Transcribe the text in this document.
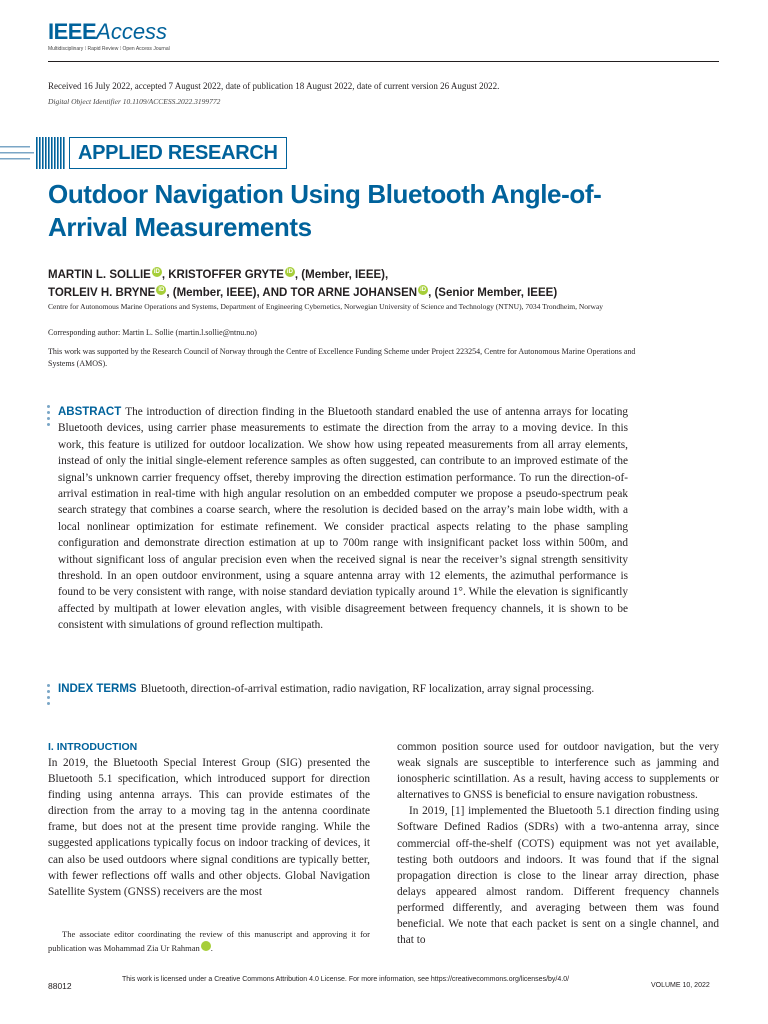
IEEEAccess
Multidisciplinary ⁞ Rapid Review ⁞ Open Access Journal
Received 16 July 2022, accepted 7 August 2022, date of publication 18 August 2022, date of current version 26 August 2022.
Digital Object Identifier 10.1109/ACCESS.2022.3199772
APPLIED RESEARCH
Outdoor Navigation Using Bluetooth Angle-of-Arrival Measurements
MARTIN L. SOLLIE iD , KRISTOFFER GRYTE iD , (Member, IEEE),
TORLEIV H. BRYNE iD , (Member, IEEE), AND TOR ARNE JOHANSEN iD , (Senior Member, IEEE)
Centre for Autonomous Marine Operations and Systems, Department of Engineering Cybernetics, Norwegian University of Science and Technology (NTNU), 7034 Trondheim, Norway
Corresponding author: Martin L. Sollie (martin.l.sollie@ntnu.no)
This work was supported by the Research Council of Norway through the Centre of Excellence Funding Scheme under Project 223254, Centre for Autonomous Marine Operations and Systems (AMOS).
ABSTRACT The introduction of direction finding in the Bluetooth standard enabled the use of antenna arrays for locating Bluetooth devices, using carrier phase measurements to estimate the direction from the array to a moving device. In this work, this feature is utilized for outdoor localization. We show how using repeated measurements from all array elements, instead of only the initial single-element reference samples as often suggested, can contribute to an improved estimate of the signal’s unknown carrier frequency offset, thereby improving the direction estimation performance. To run the direction-of-arrival estimation in real-time with high angular resolution on an embedded computer we propose a pseudo-spectrum peak search strategy that combines a coarse search, where the resolution is decided based on the array’s main lobe width, with a local nonlinear optimization for estimate refinement. We consider practical aspects relating to the phase sampling configuration and demonstrate direction estimation at up to 700m range with insignificant packet loss within 500m, and without significant loss of angular precision even when the received signal is near the receiver’s signal strength sensitivity threshold. In an open outdoor environment, using a square antenna array with 12 elements, the azimuthal performance is found to be very consistent with range, with noise standard deviation typically around 1°. While the elevation is significantly affected by multipath at lower elevation angles, with visible disagreement between frequency channels, it is shown to be consistent with simulations of ground reflection multipath.
INDEX TERMS Bluetooth, direction-of-arrival estimation, radio navigation, RF localization, array signal processing.
I. INTRODUCTION
In 2019, the Bluetooth Special Interest Group (SIG) presented the Bluetooth 5.1 specification, which introduced support for direction finding using antenna arrays. This can provide estimates of the direction from the array to a moving tag in the antenna coordinate frame, but does not at the present time provide ranging. While the suggested applications typically focus on indoor tracking of devices, it can also be used outdoors where signal conditions are typically better, with fewer reflections off walls and other objects. Global Navigation Satellite System (GNSS) receivers are the most
common position source used for outdoor navigation, but the very weak signals are susceptible to interference such as jamming and ionospheric scintillation. As a result, having access to supplements or alternatives to GNSS is beneficial to ensure navigation robustness.
In 2019, [1] implemented the Bluetooth 5.1 direction finding using Software Defined Radios (SDRs) with a two-antenna array, since commercial off-the-shelf (COTS) equipment was not yet available, testing both outdoors and indoors. It was found that if the signal propagation direction is close to the linear array direction, phase delays appeared almost random. Different frequency channels performed differently, and averaging between them was found beneficial. We note that each packet is sent on a single channel, and that to
The associate editor coordinating the review of this manuscript and approving it for publication was Mohammad Zia Ur Rahman	iD.
88012
This work is licensed under a Creative Commons Attribution 4.0 License. For more information, see https://creativecommons.org/licenses/by/4.0/
VOLUME 10, 2022
